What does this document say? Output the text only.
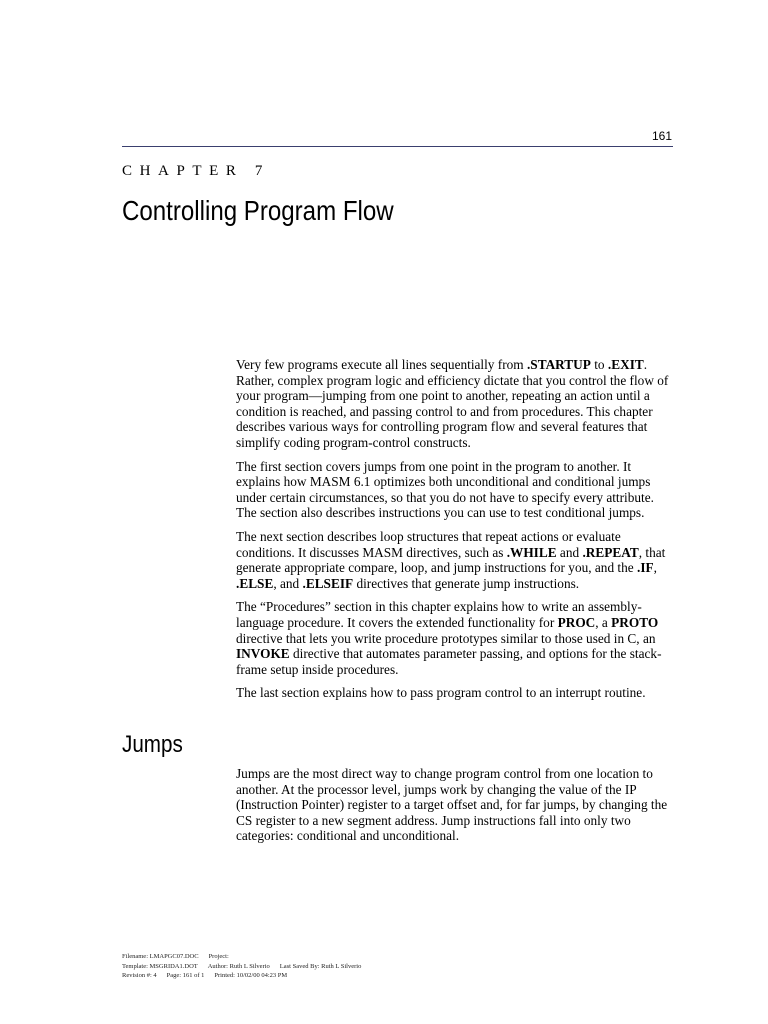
161
CHAPTER 7
Controlling Program Flow

Very few programs execute all lines sequentially from .STARTUP to .EXIT. Rather, complex program logic and efficiency dictate that you control the flow of your program—jumping from one point to another, repeating an action until a condition is reached, and passing control to and from procedures. This chapter describes various ways for controlling program flow and several features that simplify coding program-control constructs.

The first section covers jumps from one point in the program to another. It explains how MASM 6.1 optimizes both unconditional and conditional jumps under certain circumstances, so that you do not have to specify every attribute. The section also describes instructions you can use to test conditional jumps.

The next section describes loop structures that repeat actions or evaluate conditions. It discusses MASM directives, such as .WHILE and .REPEAT, that generate appropriate compare, loop, and jump instructions for you, and the .IF, .ELSE, and .ELSEIF directives that generate jump instructions.

The “Procedures” section in this chapter explains how to write an assembly-language procedure. It covers the extended functionality for PROC, a PROTO directive that lets you write procedure prototypes similar to those used in C, an INVOKE directive that automates parameter passing, and options for the stack-frame setup inside procedures.

The last section explains how to pass program control to an interrupt routine.

Jumps

Jumps are the most direct way to change program control from one location to another. At the processor level, jumps work by changing the value of the IP (Instruction Pointer) register to a target offset and, for far jumps, by changing the CS register to a new segment address. Jump instructions fall into only two categories: conditional and unconditional.

Filename: LMAPGC07.DOC Project:
Template: MSGRIDA1.DOT Author: Ruth L Silverio Last Saved By: Ruth L Silverio
Revision #: 4 Page: 161 of 1 Printed: 10/02/00 04:23 PM
